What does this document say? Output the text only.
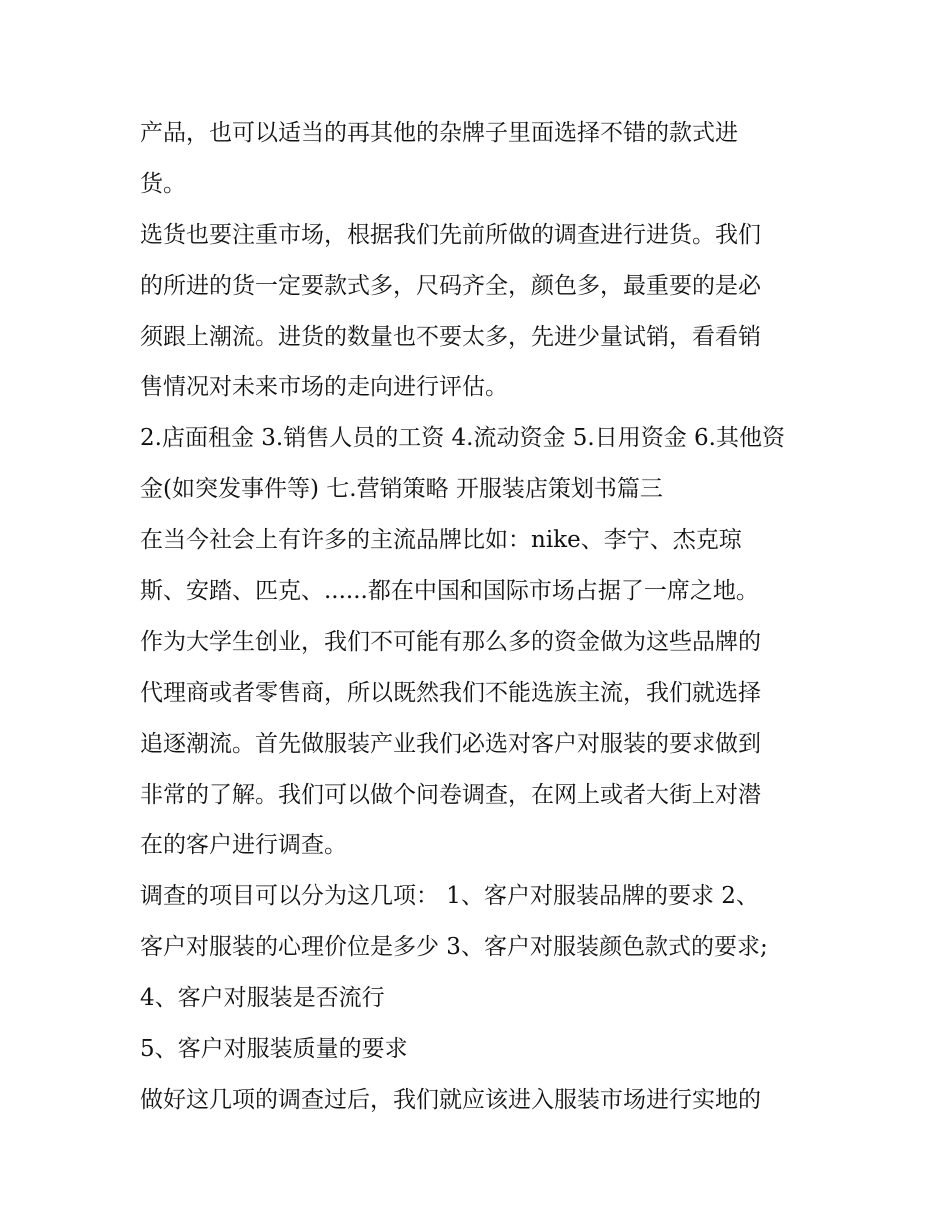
产品，也可以适当的再其他的杂牌子里面选择不错的款式进
货。
选货也要注重市场，根据我们先前所做的调查进行进货。我们
的所进的货一定要款式多，尺码齐全，颜色多，最重要的是必
须跟上潮流。进货的数量也不要太多，先进少量试销，看看销
售情况对未来市场的走向进行评估。
2.店面租金 3.销售人员的工资 4.流动资金 5.日用资金 6.其他资
金(如突发事件等) 七.营销策略 开服装店策划书篇三
在当今社会上有许多的主流品牌比如：nike、李宁、杰克琼
斯、安踏、匹克、......都在中国和国际市场占据了一席之地。
作为大学生创业，我们不可能有那么多的资金做为这些品牌的
代理商或者零售商，所以既然我们不能选族主流，我们就选择
追逐潮流。首先做服装产业我们必选对客户对服装的要求做到
非常的了解。我们可以做个问卷调查，在网上或者大街上对潜
在的客户进行调查。
调查的项目可以分为这几项： 1、客户对服装品牌的要求 2、
客户对服装的心理价位是多少 3、客户对服装颜色款式的要求;
4、客户对服装是否流行
5、客户对服装质量的要求
做好这几项的调查过后，我们就应该进入服装市场进行实地的
